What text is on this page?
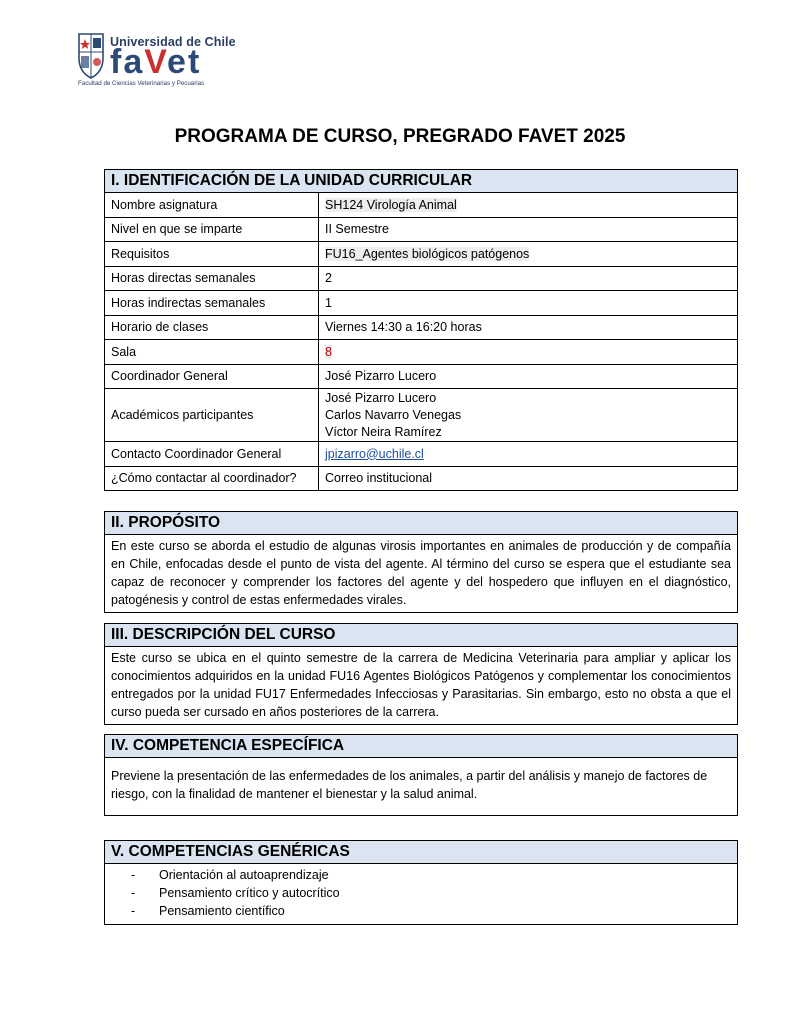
Universidad de Chile
faVet
Facultad de Ciencias Veterinarias y Pecuarias
PROGRAMA DE CURSO, PREGRADO FAVET 2025
I. IDENTIFICACIÓN DE LA UNIDAD CURRICULAR
Nombre asignatura	SH124 Virología Animal
Nivel en que se imparte	II Semestre
Requisitos	FU16_Agentes biológicos patógenos
Horas directas semanales	2
Horas indirectas semanales	1
Horario de clases	Viernes 14:30 a 16:20 horas
Sala	8
Coordinador General	José Pizarro Lucero
Académicos participantes	José Pizarro Lucero
Carlos Navarro Venegas
Víctor Neira Ramírez

Contacto Coordinador General	jpizarro@uchile.cl
¿Cómo contactar al coordinador?	Correo institucional
II. PROPÓSITO
En este curso se aborda el estudio de algunas virosis importantes en animales de producción y de compañía en Chile, enfocadas desde el punto de vista del agente. Al término del curso se espera que el estudiante sea capaz de reconocer y comprender los factores del agente y del hospedero que influyen en el diagnóstico, patogénesis y control de estas enfermedades virales.
III. DESCRIPCIÓN DEL CURSO
Este curso se ubica en el quinto semestre de la carrera de Medicina Veterinaria para ampliar y aplicar los conocimientos adquiridos en la unidad FU16 Agentes Biológicos Patógenos y complementar los conocimientos entregados por la unidad FU17 Enfermedades Infecciosas y Parasitarias. Sin embargo, esto no obsta a que el curso pueda ser cursado en años posteriores de la carrera.
IV. COMPETENCIA ESPECÍFICA
Previene la presentación de las enfermedades de los animales, a partir del análisis y manejo de factores de riesgo, con la finalidad de mantener el bienestar y la salud animal.
V. COMPETENCIAS GENÉRICAS
- Orientación al autoaprendizaje
- Pensamiento crítico y autocrítico
- Pensamiento científico
